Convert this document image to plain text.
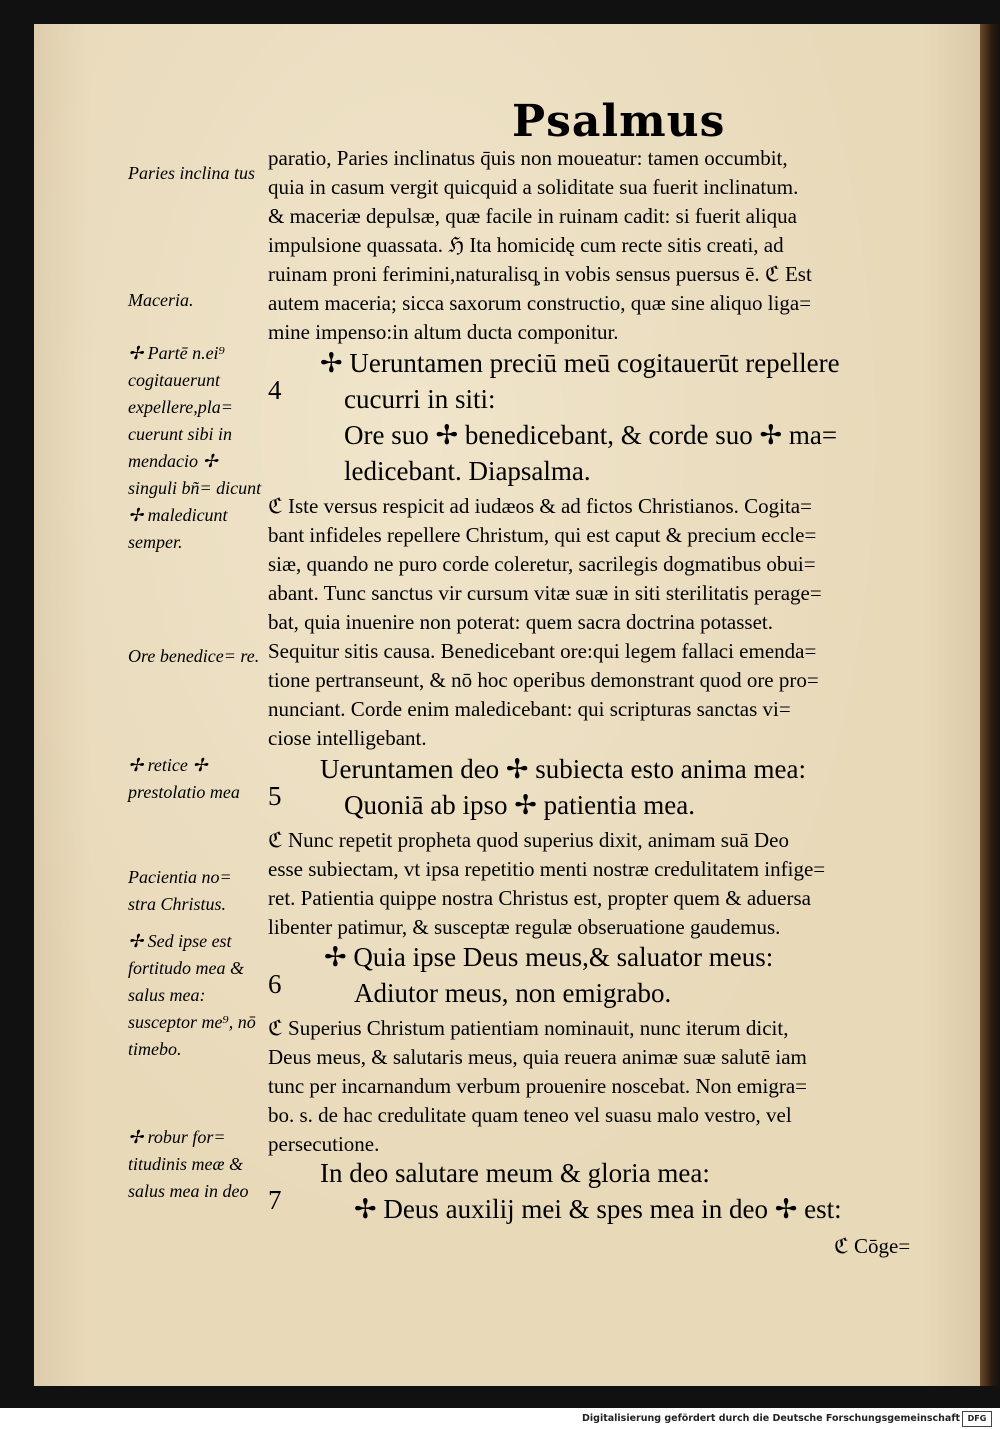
Psalmus

Paries inclina tus

Maceria.

✢ Partē n.ei⁹ cogitauerunt expellere,pla= cuerunt sibi in mendacio ✢ singuli bñ= dicunt ✢ maledicunt semper.

Ore benedice= re.

✢ retice ✢ prestolatio mea

Pacientia no= stra Christus.

✢ Sed ipse est fortitudo mea & salus mea: susceptor me⁹, nō timebo.

✢ robur for= titudinis meæ & salus mea in deo

paratio, Paries inclinatus q̄uis non moueatur: tamen occumbit,

quia in casum vergit quicquid a soliditate sua fuerit inclinatum.

& maceriæ depulsæ, quæ facile in ruinam cadit: si fuerit aliqua

impulsione quassata. ℌ Ita homicidę cum recte sitis creati, ad

ruinam proni ferimini,naturalisq̧ in vobis sensus puersus ē. ℭ Est

autem maceria; sicca saxorum constructio, quæ sine aliquo liga=

mine impenso:in altum ducta componitur.

4

✢ Ueruntamen preciū meū cogitauerūt repellere

cucurri in siti:

Ore suo ✢ benedicebant, & corde suo ✢ ma=

ledicebant. Diapsalma.

ℭ Iste versus respicit ad iudæos & ad fictos Christianos. Cogita=

bant infideles repellere Christum, qui est caput & precium eccle=

siæ, quando ne puro corde coleretur, sacrilegis dogmatibus obui=

abant. Tunc sanctus vir cursum vitæ suæ in siti sterilitatis perage=

bat, quia inuenire non poterat: quem sacra doctrina potasset.

Sequitur sitis causa. Benedicebant ore:qui legem fallaci emenda=

tione pertranseunt, & nō hoc operibus demonstrant quod ore pro=

nunciant. Corde enim maledicebant: qui scripturas sanctas vi=

ciose intelligebant.

5

Ueruntamen deo ✢ subiecta esto anima mea:

Quoniā ab ipso ✢ patientia mea.

ℭ Nunc repetit propheta quod superius dixit, animam suā Deo

esse subiectam, vt ipsa repetitio menti nostræ credulitatem infige=

ret. Patientia quippe nostra Christus est, propter quem & aduersa

libenter patimur, & susceptæ regulæ obseruatione gaudemus.

6

✢ Quia ipse Deus meus,& saluator meus:

Adiutor meus, non emigrabo.

ℭ Superius Christum patientiam nominauit, nunc iterum dicit,

Deus meus, & salutaris meus, quia reuera animæ suæ salutē iam

tunc per incarnandum verbum prouenire noscebat. Non emigra=

bo. s. de hac credulitate quam teneo vel suasu malo vestro, vel

persecutione.

7

In deo salutare meum & gloria mea:

✢ Deus auxilij mei & spes mea in deo ✢ est:

ℭ Cōge=

Digitalisierung gefördert durch die Deutsche Forschungsgemeinschaft DFG
